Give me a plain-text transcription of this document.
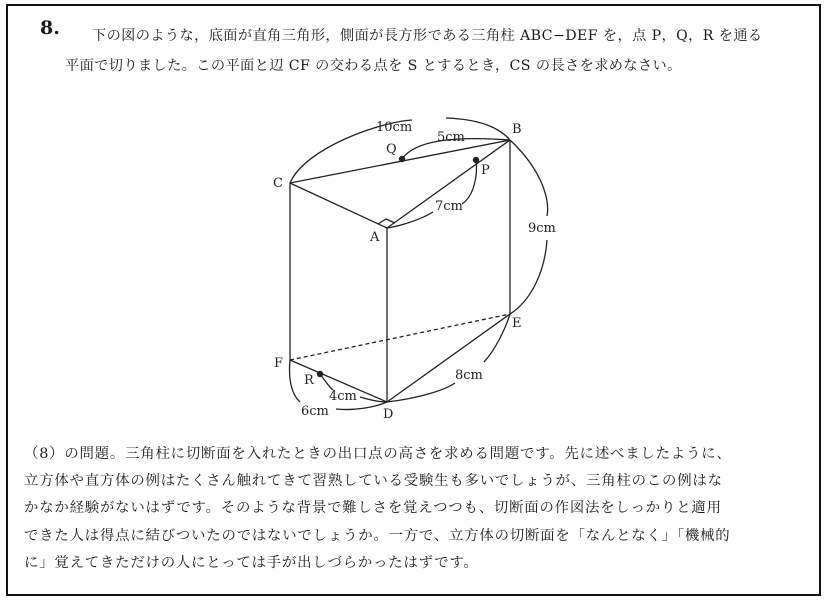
8. 下の図のような，底面が直角三角形，側面が長方形である三角柱 ABC−DEF を，点 P，Q，R を通る
平面で切りました。この平面と辺 CF の交わる点を S とするとき，CS の長さを求めなさい。
C
B
A
E
F
D
Q
P
R
10cm
5cm
7cm
9cm
8cm
4cm
6cm
（8）の問題。三角柱に切断面を入れたときの出口点の高さを求める問題です。先に述べましたように、
立方体や直方体の例はたくさん触れてきて習熟している受験生も多いでしょうが、三角柱のこの例はな
かなか経験がないはずです。そのような背景で難しさを覚えつつも、切断面の作図法をしっかりと適用
できた人は得点に結びついたのではないでしょうか。一方で、立方体の切断面を「なんとなく」「機械的
に」覚えてきただけの人にとっては手が出しづらかったはずです。
